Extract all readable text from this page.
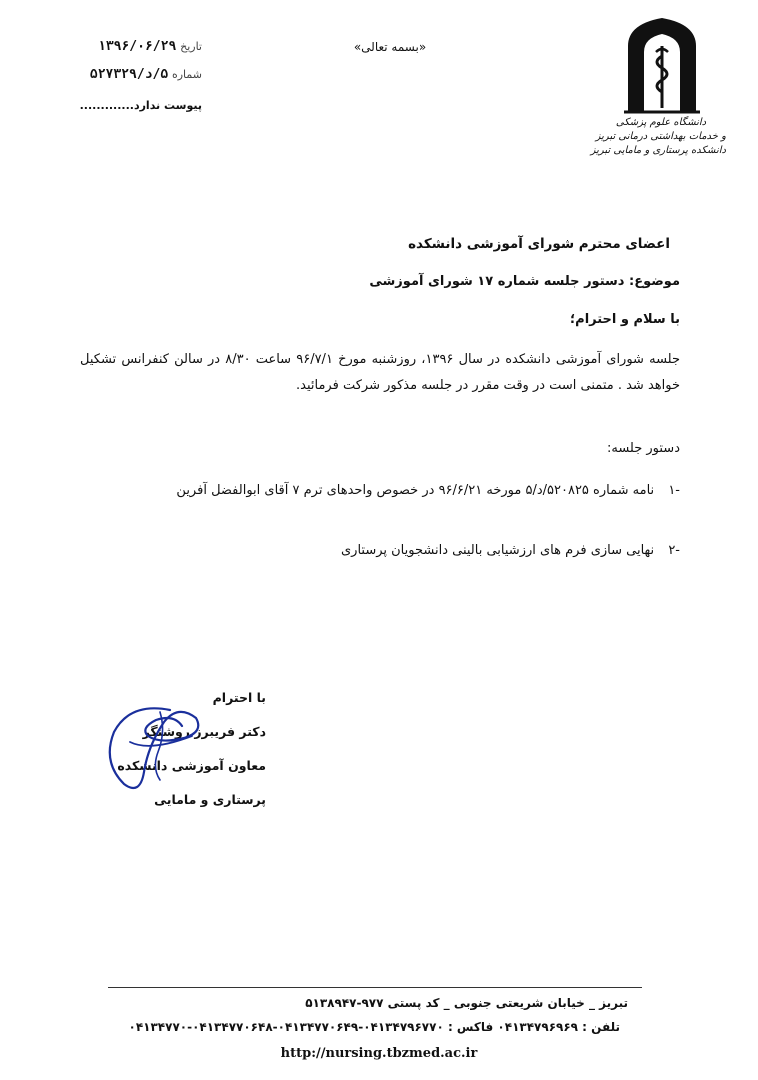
تاریخ ۱۳۹۶/۰۶/۲۹
شماره ۵/د/۵۲۷۳۲۹
پیوست ندارد.............
«بسمه تعالی»
دانشگاه علوم پزشکی
و خدمات بهداشتی درمانی تبریز
دانشکده پرستاری و مامایی تبریز
اعضای محترم شورای آموزشی دانشکده
موضوع: دستور جلسه شماره ۱۷ شورای آموزشی
با سلام و احترام؛
جلسه شورای آموزشی دانشکده در سال ۱۳۹۶، روزشنبه مورخ ۹۶/۷/۱ ساعت ۸/۳۰ در سالن کنفرانس تشکیل خواهد شد . متمنی است در وقت مقرر در جلسه مذکور شرکت فرمائید.
دستور جلسه:
-۱ نامه شماره ۵۲۰۸۲۵/د/۵ مورخه ۹۶/۶/۲۱ در خصوص واحدهای ترم ۷ آقای ابوالفضل آفرین
-۲ نهایی سازی فرم های ارزشیابی بالینی دانشجویان پرستاری
با احترام
دکتر فریبرز روشنگر
معاون آموزشی دانشکده
پرستاری و مامایی
تبریز _ خیابان شریعتی جنوبی _ کد پستی ۹۷۷-۵۱۳۸۹۴۷
تلفن : ۰۴۱۳۴۷۹۶۹۶۹ فاکس : ۰۴۱۳۴۷۹۶۷۷۰-۰۴۱۳۴۷۷۰۶۴۹-۰۴۱۳۴۷۷۰۶۴۸-۰۴۱۳۴۷۷۰
http://nursing.tbzmed.ac.ir
